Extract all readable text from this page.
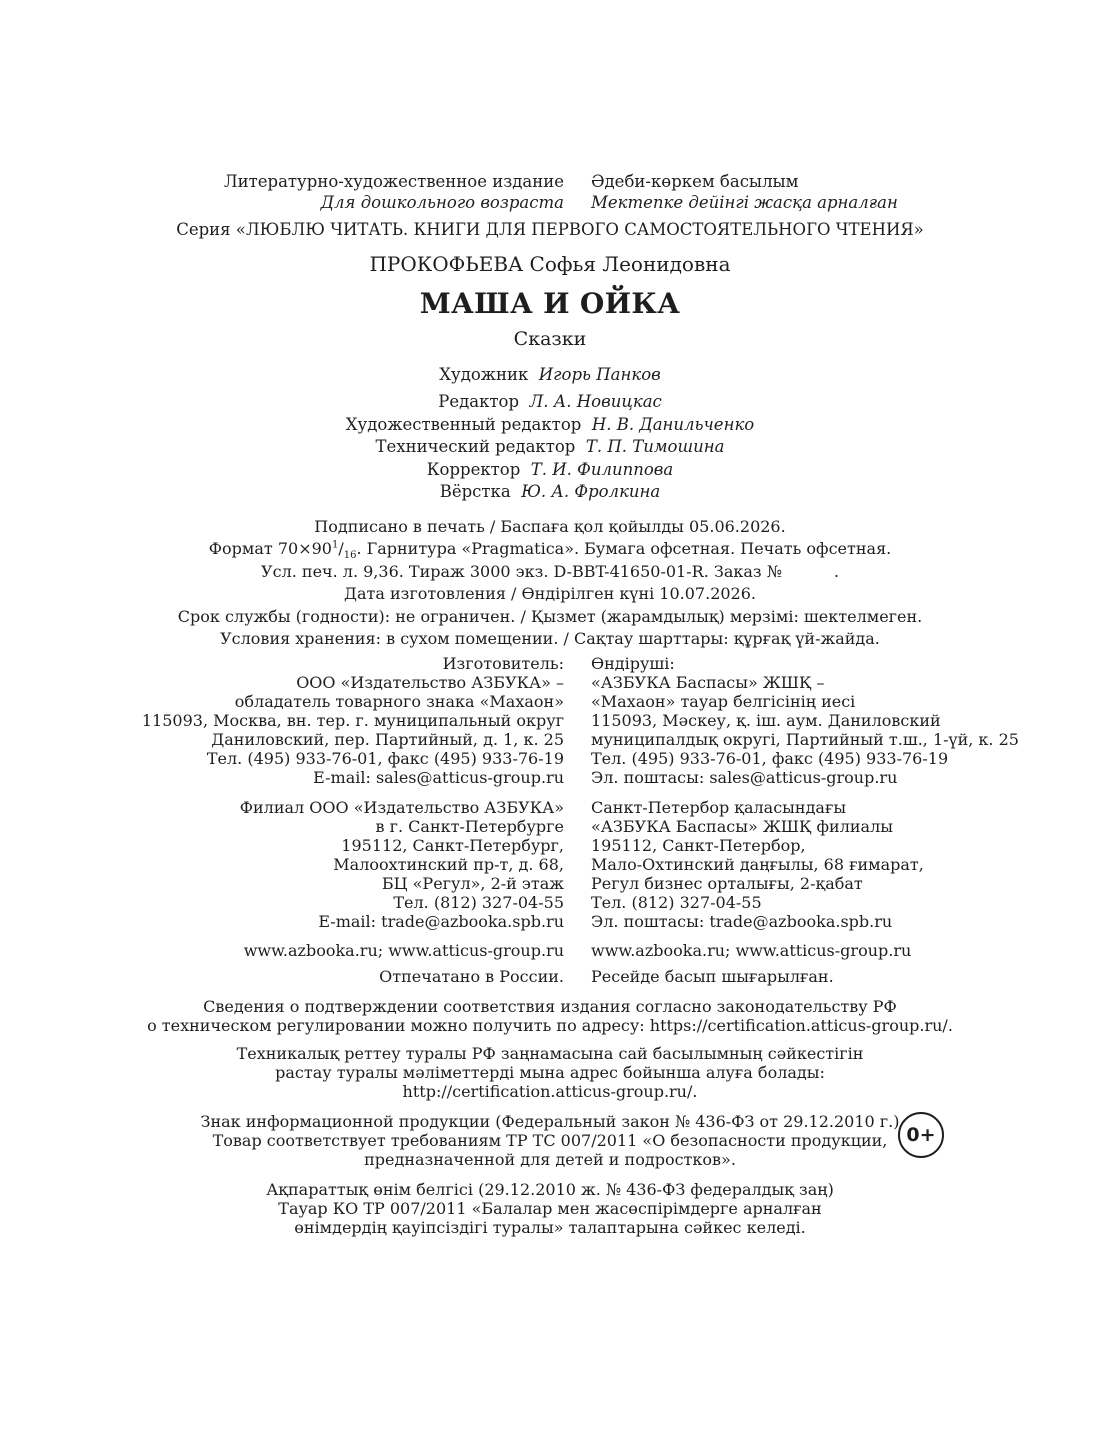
Литературно-художественное издание
Для дошкольного возраста
Әдеби-көркем басылым
Мектепке дейінгі жасқа арналған
Серия «ЛЮБЛЮ ЧИТАТЬ. КНИГИ ДЛЯ ПЕРВОГО САМОСТОЯТЕЛЬНОГО ЧТЕНИЯ»
ПРОКОФЬЕВА Софья Леонидовна
МАША И ОЙКА
Сказки
Художник Игорь Панков
Редактор Л. А. Новицкас
Художественный редактор Н. В. Данильченко
Технический редактор Т. П. Тимошина
Корректор Т. И. Филиппова
Вёрстка Ю. А. Фролкина
Подписано в печать / Баспаға қол қойылды 05.06.2026.
Формат $70\times 90^1/_{16}$. Гарнитура «Pragmatica». Бумага офсетная. Печать офсетная.
Усл. печ. л. 9,36. Тираж 3000 экз. D-BBT-41650-01-R. Заказ №	.
Дата изготовления / Өндірілген күні 10.07.2026.
Срок службы (годности): не ограничен. / Қызмет (жарамдылық) мерзімі: шектелмеген.
Условия хранения: в сухом помещении. / Сақтау шарттары: құрғақ үй-жайда.
Изготовитель:
ООО «Издательство АЗБУКА» –
обладатель товарного знака «Махаон»
115093, Москва, вн. тер. г. муниципальный округ
Даниловский, пер. Партийный, д. 1, к. 25
Тел. (495) 933-76-01, факс (495) 933-76-19
E-mail: sales@atticus-group.ru
Өндіруші:
«АЗБУКА Баспасы» ЖШҚ –
«Махаон» тауар белгісінің иесі
115093, Мәскеу, қ. іш. аум. Даниловский
муниципалдық округі, Партийный т.ш., 1-үй, к. 25
Тел. (495) 933-76-01, факс (495) 933-76-19
Эл. поштасы: sales@atticus-group.ru
Филиал ООО «Издательство АЗБУКА»
в г. Санкт-Петербурге
195112, Санкт-Петербург,
Малоохтинский пр-т, д. 68,
БЦ «Регул», 2-й этаж
Тел. (812) 327-04-55
E-mail: trade@azbooka.spb.ru
Санкт-Петербор қаласындағы
«АЗБУКА Баспасы» ЖШҚ филиалы
195112, Санкт-Петербор,
Мало-Охтинский даңғылы, 68 ғимарат,
Регул бизнес орталығы, 2-қабат
Тел. (812) 327-04-55
Эл. поштасы: trade@azbooka.spb.ru
www.azbooka.ru; www.atticus-group.ru www.azbooka.ru; www.atticus-group.ru
Отпечатано в России. Ресейде басып шығарылған.
Сведения о подтверждении соответствия издания согласно законодательству РФ
о техническом регулировании можно получить по адресу: https://certification.atticus-group.ru/.
Техникалық реттеу туралы РФ заңнамасына сай басылымның сәйкестігін
растау туралы мәліметтерді мына адрес бойынша алуға болады:
http://certification.atticus-group.ru/.
Знак информационной продукции (Федеральный закон № 436-ФЗ от 29.12.2010 г.)
Товар соответствует требованиям ТР ТС 007/2011 «О безопасности продукции,
предназначенной для детей и подростков».
0+
Ақпараттық өнім белгісі (29.12.2010 ж. № 436-ФЗ федералдық заң)
Тауар КО ТР 007/2011 «Балалар мен жасөспірімдерге арналған
өнімдердің қауіпсіздігі туралы» талаптарына сәйкес келеді.
